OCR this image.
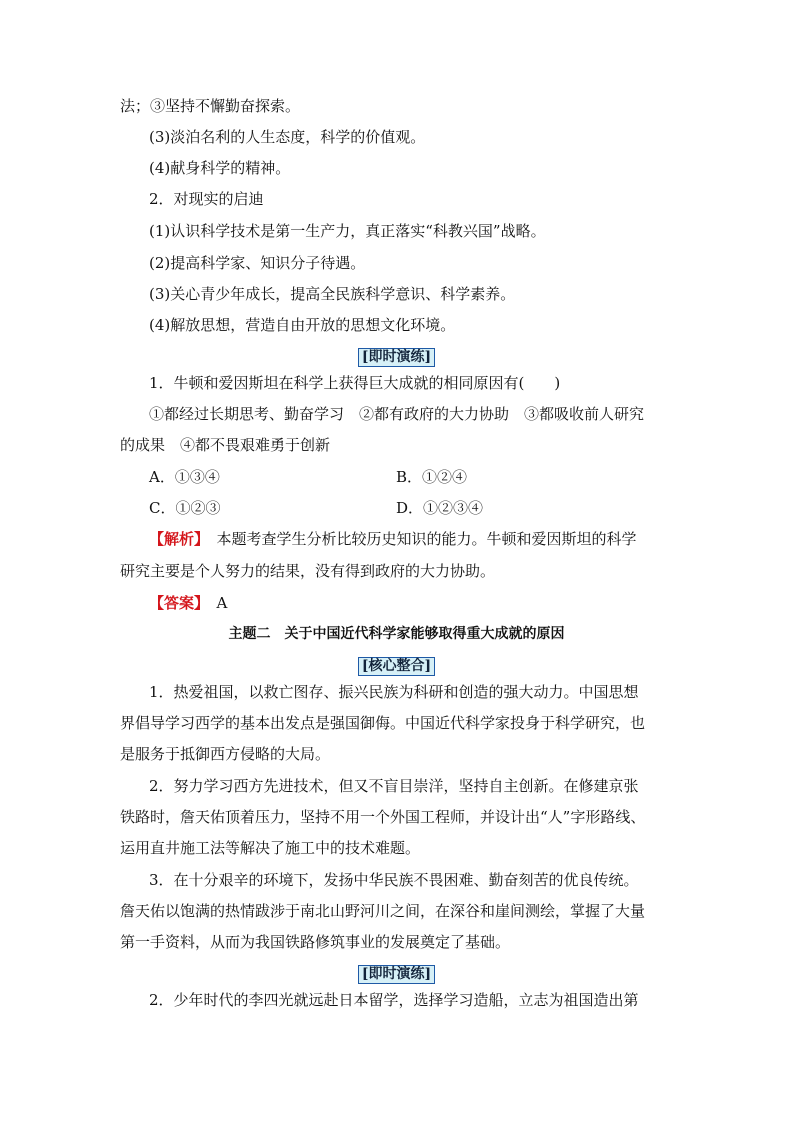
法；③坚持不懈勤奋探索。
(3)淡泊名利的人生态度，科学的价值观。
(4)献身科学的精神。
2．对现实的启迪
(1)认识科学技术是第一生产力，真正落实“科教兴国”战略。
(2)提高科学家、知识分子待遇。
(3)关心青少年成长，提高全民族科学意识、科学素养。
(4)解放思想，营造自由开放的思想文化环境。
[即时演练]
1．牛顿和爱因斯坦在科学上获得巨大成就的相同原因有(　　)
①都经过长期思考、勤奋学习　②都有政府的大力协助　③都吸收前人研究
的成果　④都不畏艰难勇于创新
A．①③④	B．①②④
C．①②③	D．①②③④
【解析】　 本题考查学生分析比较历史知识的能力。牛顿和爱因斯坦的科学
研究主要是个人努力的结果，没有得到政府的大力协助。
【答案】　 A
主题二　关于中国近代科学家能够取得重大成就的原因
[核心整合]
1．热爱祖国，以救亡图存、振兴民族为科研和创造的强大动力。中国思想
界倡导学习西学的基本出发点是强国御侮。中国近代科学家投身于科学研究，也
是服务于抵御西方侵略的大局。
2．努力学习西方先进技术，但又不盲目崇洋，坚持自主创新。在修建京张
铁路时，詹天佑顶着压力，坚持不用一个外国工程师，并设计出“人”字形路线、
运用直井施工法等解决了施工中的技术难题。
3．在十分艰辛的环境下，发扬中华民族不畏困难、勤奋刻苦的优良传统。
詹天佑以饱满的热情跋涉于南北山野河川之间，在深谷和崖间测绘，掌握了大量
第一手资料，从而为我国铁路修筑事业的发展奠定了基础。
[即时演练]
2．少年时代的李四光就远赴日本留学，选择学习造船，立志为祖国造出第
